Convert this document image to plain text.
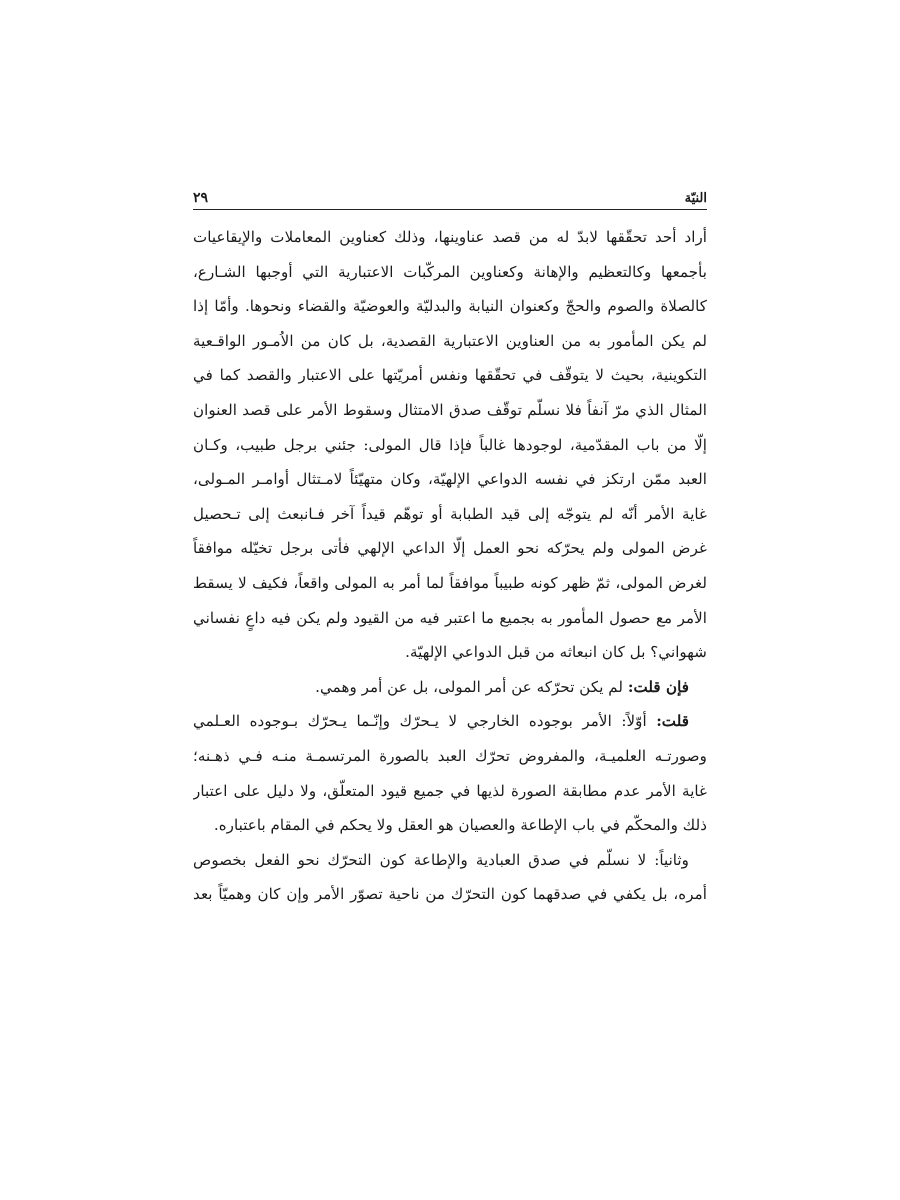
النيّة
٢٩
أراد أحد تحقّقها لابدّ له من قصد عناوينها، وذلك كعناوين المعاملات والإيقاعيات
بأجمعها وكالتعظيم والإهانة وكعناوين المركّبات الاعتبارية التي أوجبها الشـارع،
كالصلاة والصوم والحجّ وكعنوان النيابة والبدليّة والعوضيّة والقضاء ونحوها. وأمّا إذا
لم يكن المأمور به من العناوين الاعتبارية القصدية، بل كان من الاُمـور الواقـعية
التكوينية، بحيث لا يتوقّف في تحقّقها ونفس أمريّتها على الاعتبار والقصد كما في
المثال الذي مرّ آنفاً فلا نسلّم توقّف صدق الامتثال وسقوط الأمر على قصد العنوان
إلّا من باب المقدّمية، لوجودها غالباً فإذا قال المولى: جئني برجل طبيب، وكـان
العبد ممّن ارتكز في نفسه الدواعي الإلهيّة، وكان متهيّئاً لامـتثال أوامـر المـولى،
غاية الأمر أنّه لم يتوجّه إلى قيد الطبابة أو توهّم قيداً آخر فـانبعث إلى تـحصيل
غرض المولى ولم يحرّكه نحو العمل إلّا الداعي الإلهي فأتى برجل تخيّله موافقاً
لغرض المولى، ثمّ ظهر كونه طبيباً موافقاً لما أمر به المولى واقعاً، فكيف لا يسقط
الأمر مع حصول المأمور به بجميع ما اعتبر فيه من القيود ولم يكن فيه داعٍ نفساني
شهواني؟ بل كان انبعاثه من قبل الدواعي الإلهيّة.
فإن قلت: لم يكن تحرّكه عن أمر المولى، بل عن أمر وهمي.
قلت: أوّلاً: الأمر بوجوده الخارجي لا يـحرّك وإنّـما يـحرّك بـوجوده العـلمي
وصورتـه العلميـة، والمفروض تحرّك العبد بالصورة المرتسمـة منـه فـي ذهـنه؛
غاية الأمر عدم مطابقة الصورة لذيها في جميع قيود المتعلّق، ولا دليل على اعتبار
ذلك والمحكّم في باب الإطاعة والعصيان هو العقل ولا يحكم في المقام باعتباره.
وثانياً: لا نسلّم في صدق العبادية والإطاعة كون التحرّك نحو الفعل بخصوص
أمره، بل يكفي في صدقهما كون التحرّك من ناحية تصوّر الأمر وإن كان وهميّاً بعد
